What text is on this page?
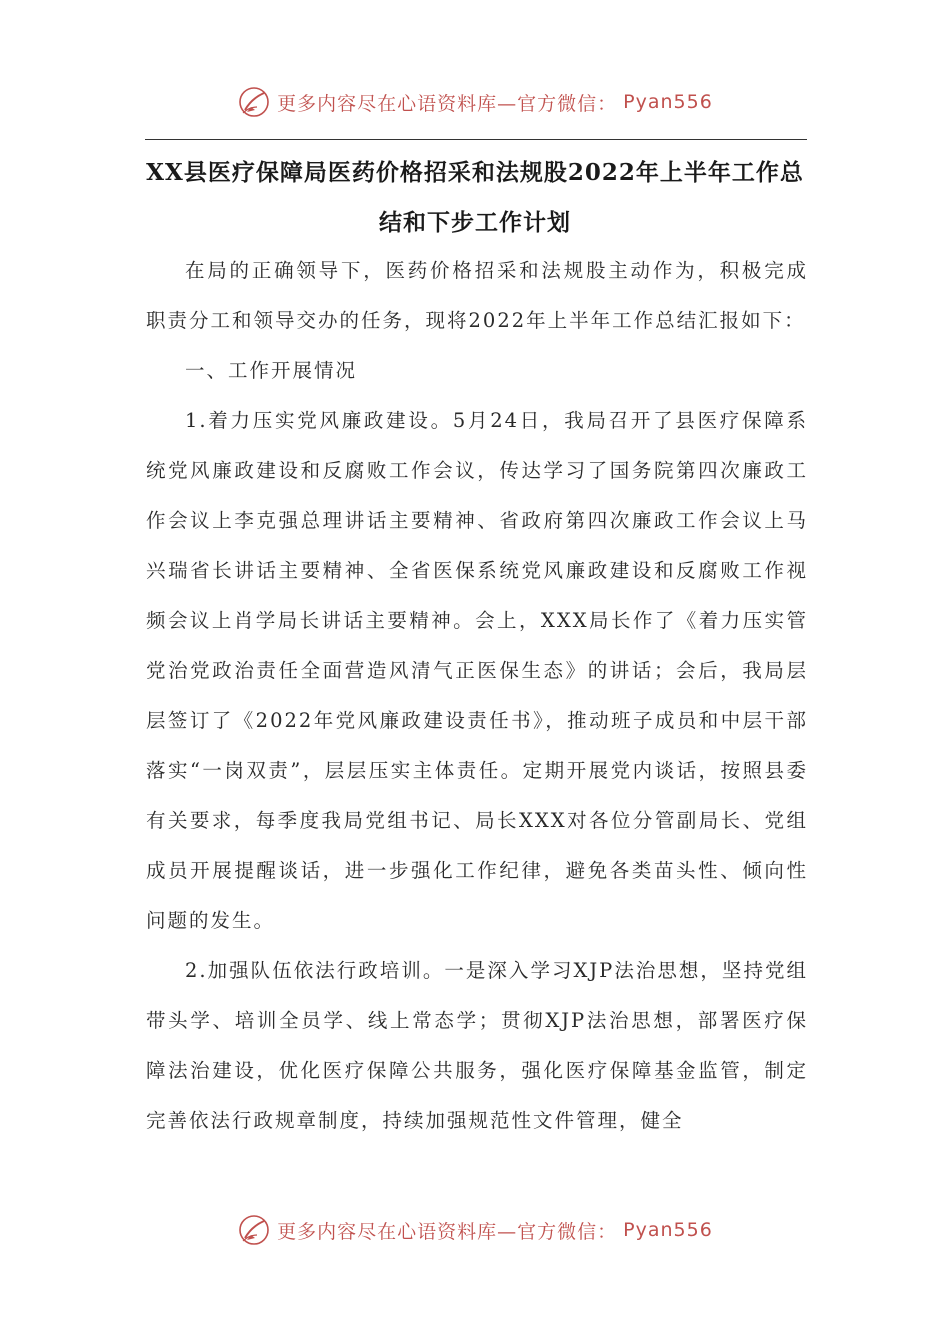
更多内容尽在心语资料库—官方微信： Pyan556
XX县医疗保障局医药价格招采和法规股2022年上半年工作总结和下步工作计划

在局的正确领导下，医药价格招采和法规股主动作为，积极完成职责分工和领导交办的任务，现将2022年上半年工作总结汇报如下：

一、工作开展情况

1.着力压实党风廉政建设。5月24日，我局召开了县医疗保障系统党风廉政建设和反腐败工作会议，传达学习了国务院第四次廉政工作会议上李克强总理讲话主要精神、省政府第四次廉政工作会议上马兴瑞省长讲话主要精神、全省医保系统党风廉政建设和反腐败工作视频会议上肖学局长讲话主要精神。会上，XXX局长作了《着力压实管党治党政治责任全面营造风清气正医保生态》的讲话；会后，我局层层签订了《2022年党风廉政建设责任书》，推动班子成员和中层干部落实“一岗双责”，层层压实主体责任。定期开展党内谈话，按照县委有关要求，每季度我局党组书记、局长XXX对各位分管副局长、党组成员开展提醒谈话，进一步强化工作纪律，避免各类苗头性、倾向性问题的发生。

2.加强队伍依法行政培训。一是深入学习XJP法治思想，坚持党组带头学、培训全员学、线上常态学；贯彻XJP法治思想，部署医疗保障法治建设，优化医疗保障公共服务，强化医疗保障基金监管，制定完善依法行政规章制度，持续加强规范性文件管理，健全

更多内容尽在心语资料库—官方微信： Pyan556
